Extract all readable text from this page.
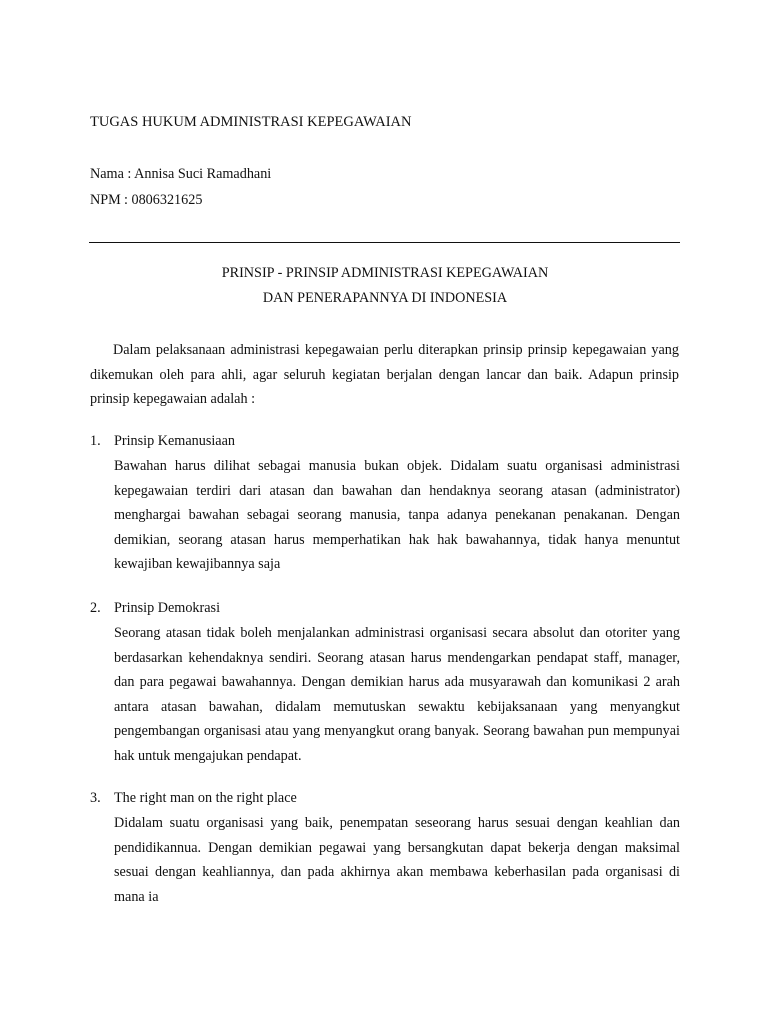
TUGAS HUKUM ADMINISTRASI KEPEGAWAIAN
Nama : Annisa Suci Ramadhani
NPM : 0806321625
PRINSIP - PRINSIP ADMINISTRASI KEPEGAWAIAN
DAN PENERAPANNYA DI INDONESIA

Dalam pelaksanaan administrasi kepegawaian perlu diterapkan prinsip prinsip kepegawaian yang dikemukan oleh para ahli, agar seluruh kegiatan berjalan dengan lancar dan baik. Adapun prinsip prinsip kepegawaian adalah :

1. Prinsip Kemanusiaan

Bawahan harus dilihat sebagai manusia bukan objek. Didalam suatu organisasi administrasi kepegawaian terdiri dari atasan dan bawahan dan hendaknya seorang atasan (administrator) menghargai bawahan sebagai seorang manusia, tanpa adanya penekanan penakanan. Dengan demikian, seorang atasan harus memperhatikan hak hak bawahannya, tidak hanya menuntut kewajiban kewajibannya saja

2. Prinsip Demokrasi

Seorang atasan tidak boleh menjalankan administrasi organisasi secara absolut dan otoriter yang berdasarkan kehendaknya sendiri. Seorang atasan harus mendengarkan pendapat staff, manager, dan para pegawai bawahannya. Dengan demikian harus ada musyarawah dan komunikasi 2 arah antara atasan bawahan, didalam memutuskan sewaktu kebijaksanaan yang menyangkut pengembangan organisasi atau yang menyangkut orang banyak. Seorang bawahan pun mempunyai hak untuk mengajukan pendapat.

3. The right man on the right place

Didalam suatu organisasi yang baik, penempatan seseorang harus sesuai dengan keahlian dan pendidikannua. Dengan demikian pegawai yang bersangkutan dapat bekerja dengan maksimal sesuai dengan keahliannya, dan pada akhirnya akan membawa keberhasilan pada organisasi di mana ia
